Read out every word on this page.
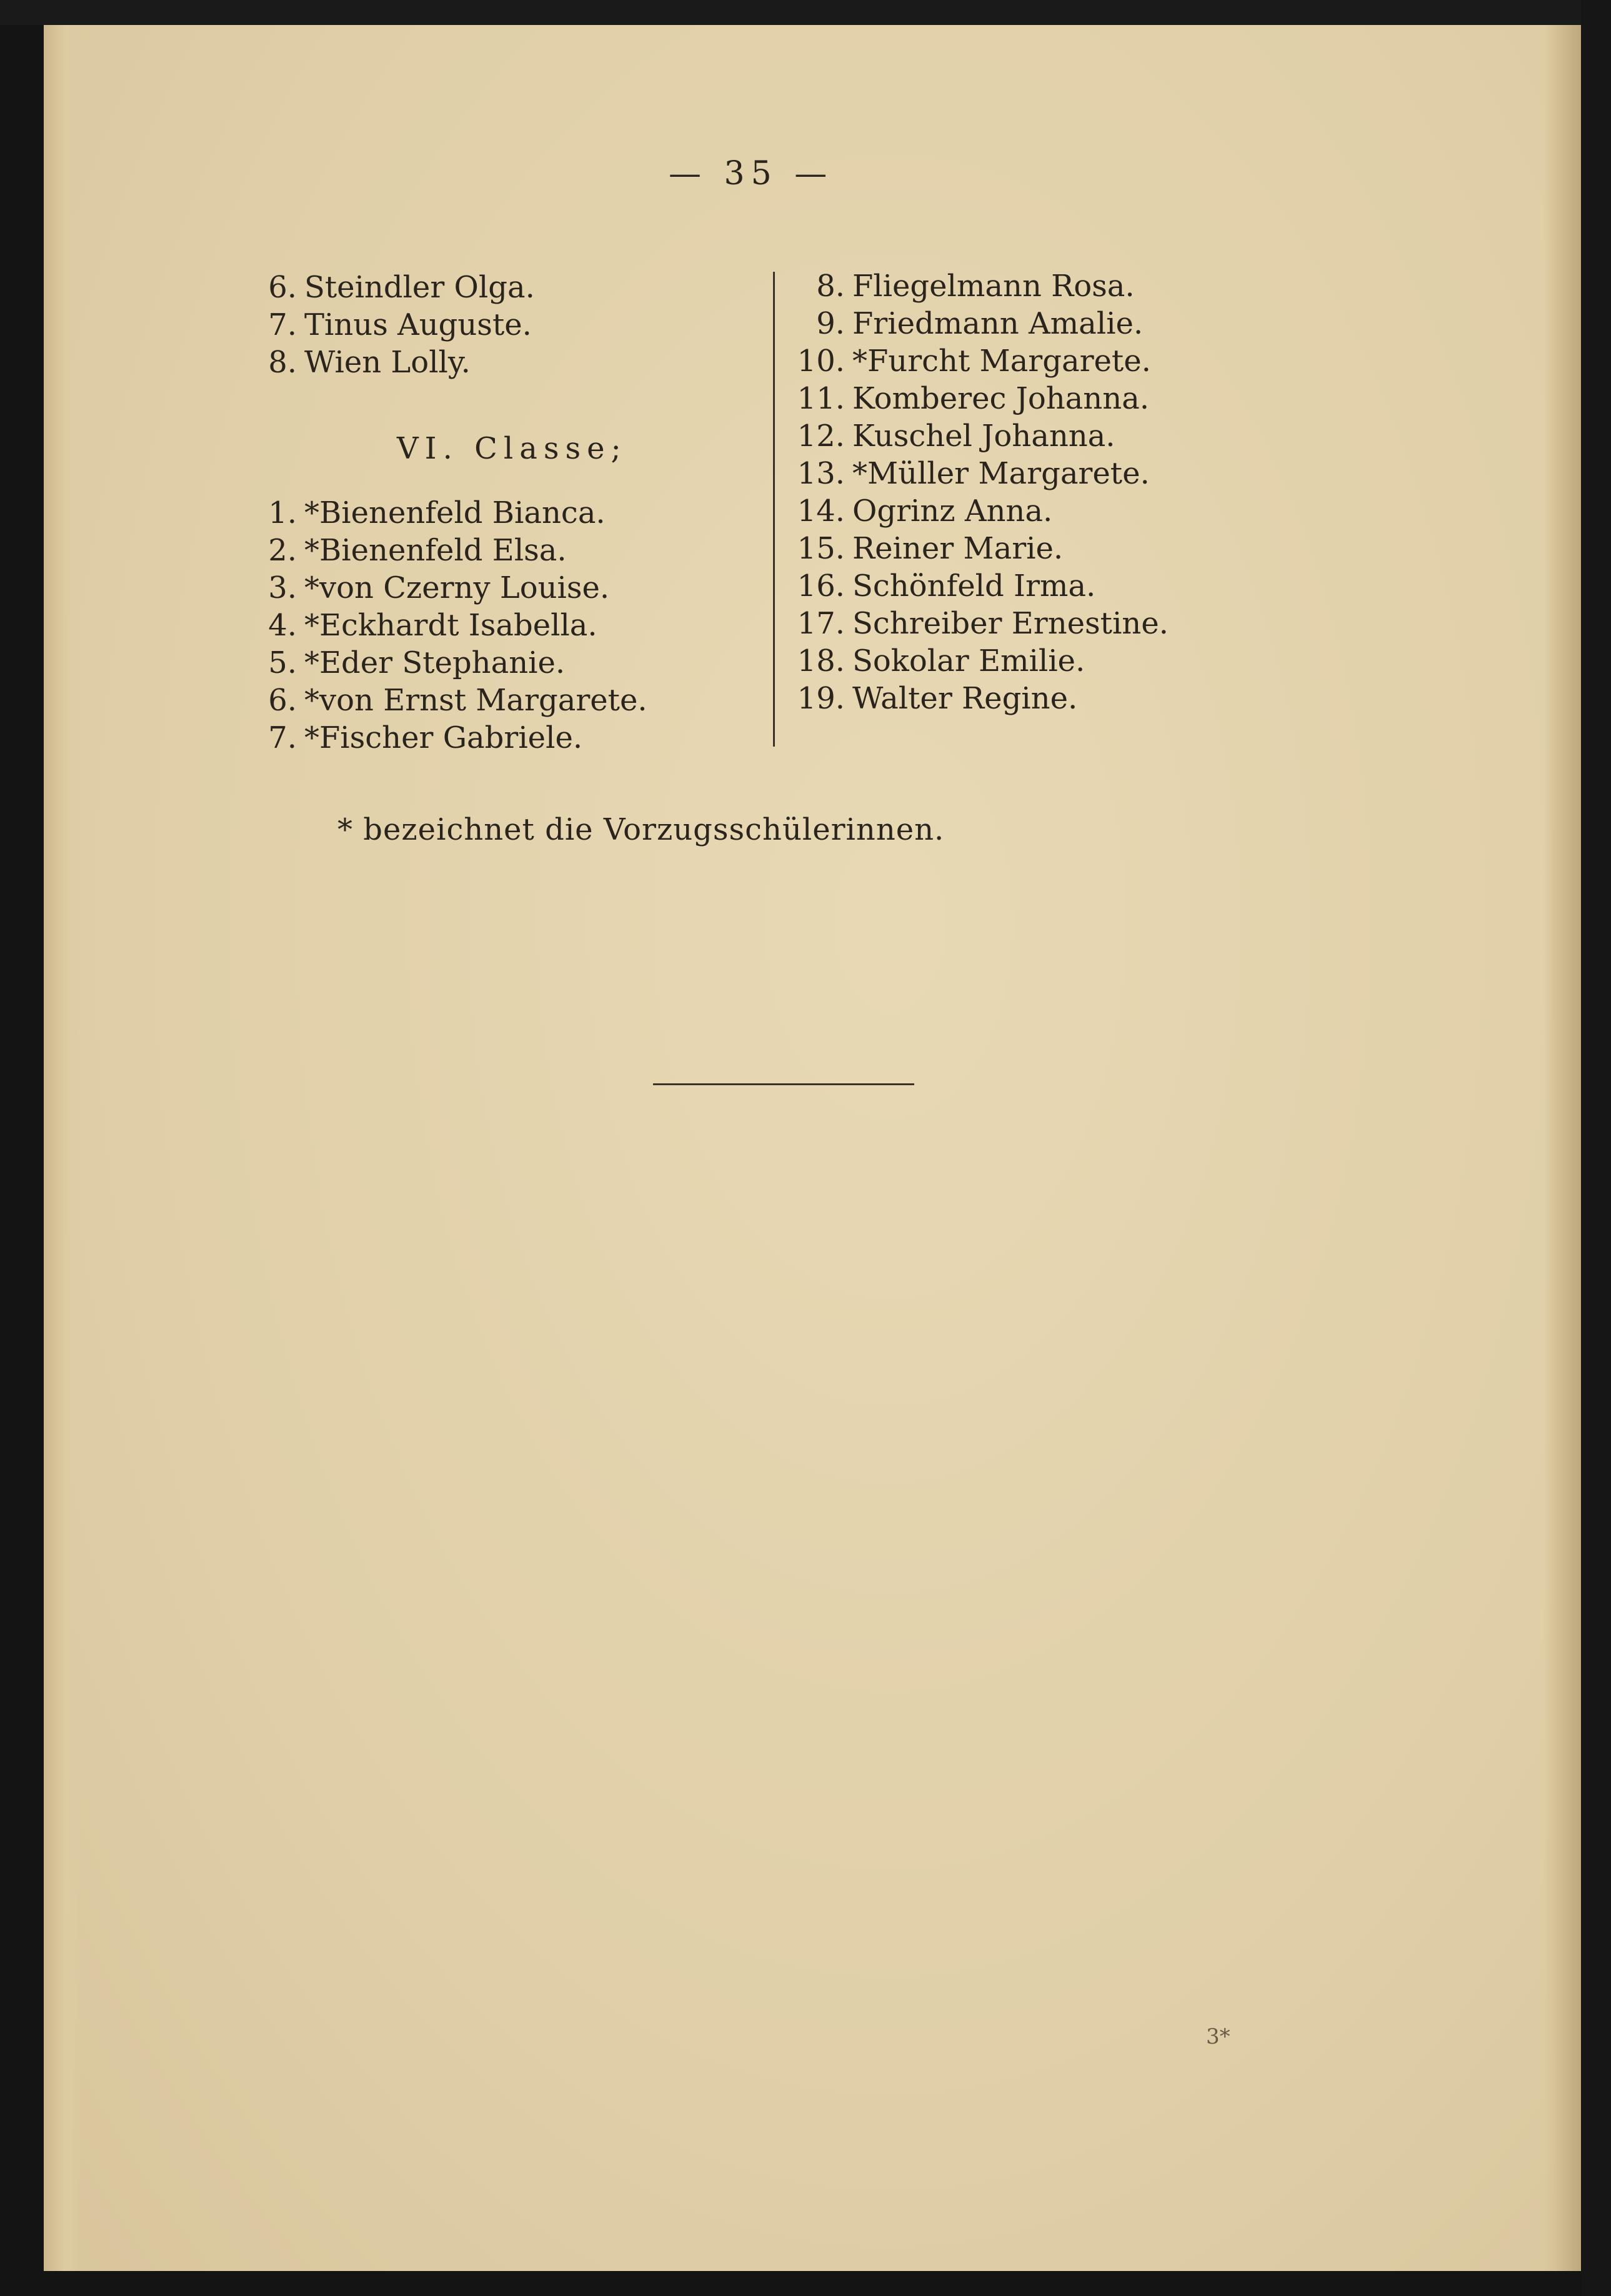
— 35 —
6. Steindler Olga.
7. Tinus Auguste.
8. Wien Lolly.
VI. Classe;
1. *Bienenfeld Bianca.
2. *Bienenfeld Elsa.
3. *von Czerny Louise.
4. *Eckhardt Isabella.
5. *Eder Stephanie.
6. *von Ernst Margarete.
7. *Fischer Gabriele.
8. Fliegelmann Rosa.
9. Friedmann Amalie.
10. *Furcht Margarete.
11. Komberec Johanna.
12. Kuschel Johanna.
13. *Müller Margarete.
14. Ogrinz Anna.
15. Reiner Marie.
16. Schönfeld Irma.
17. Schreiber Ernestine.
18. Sokolar Emilie.
19. Walter Regine.
* bezeichnet die Vorzugsschülerinnen.
3*
